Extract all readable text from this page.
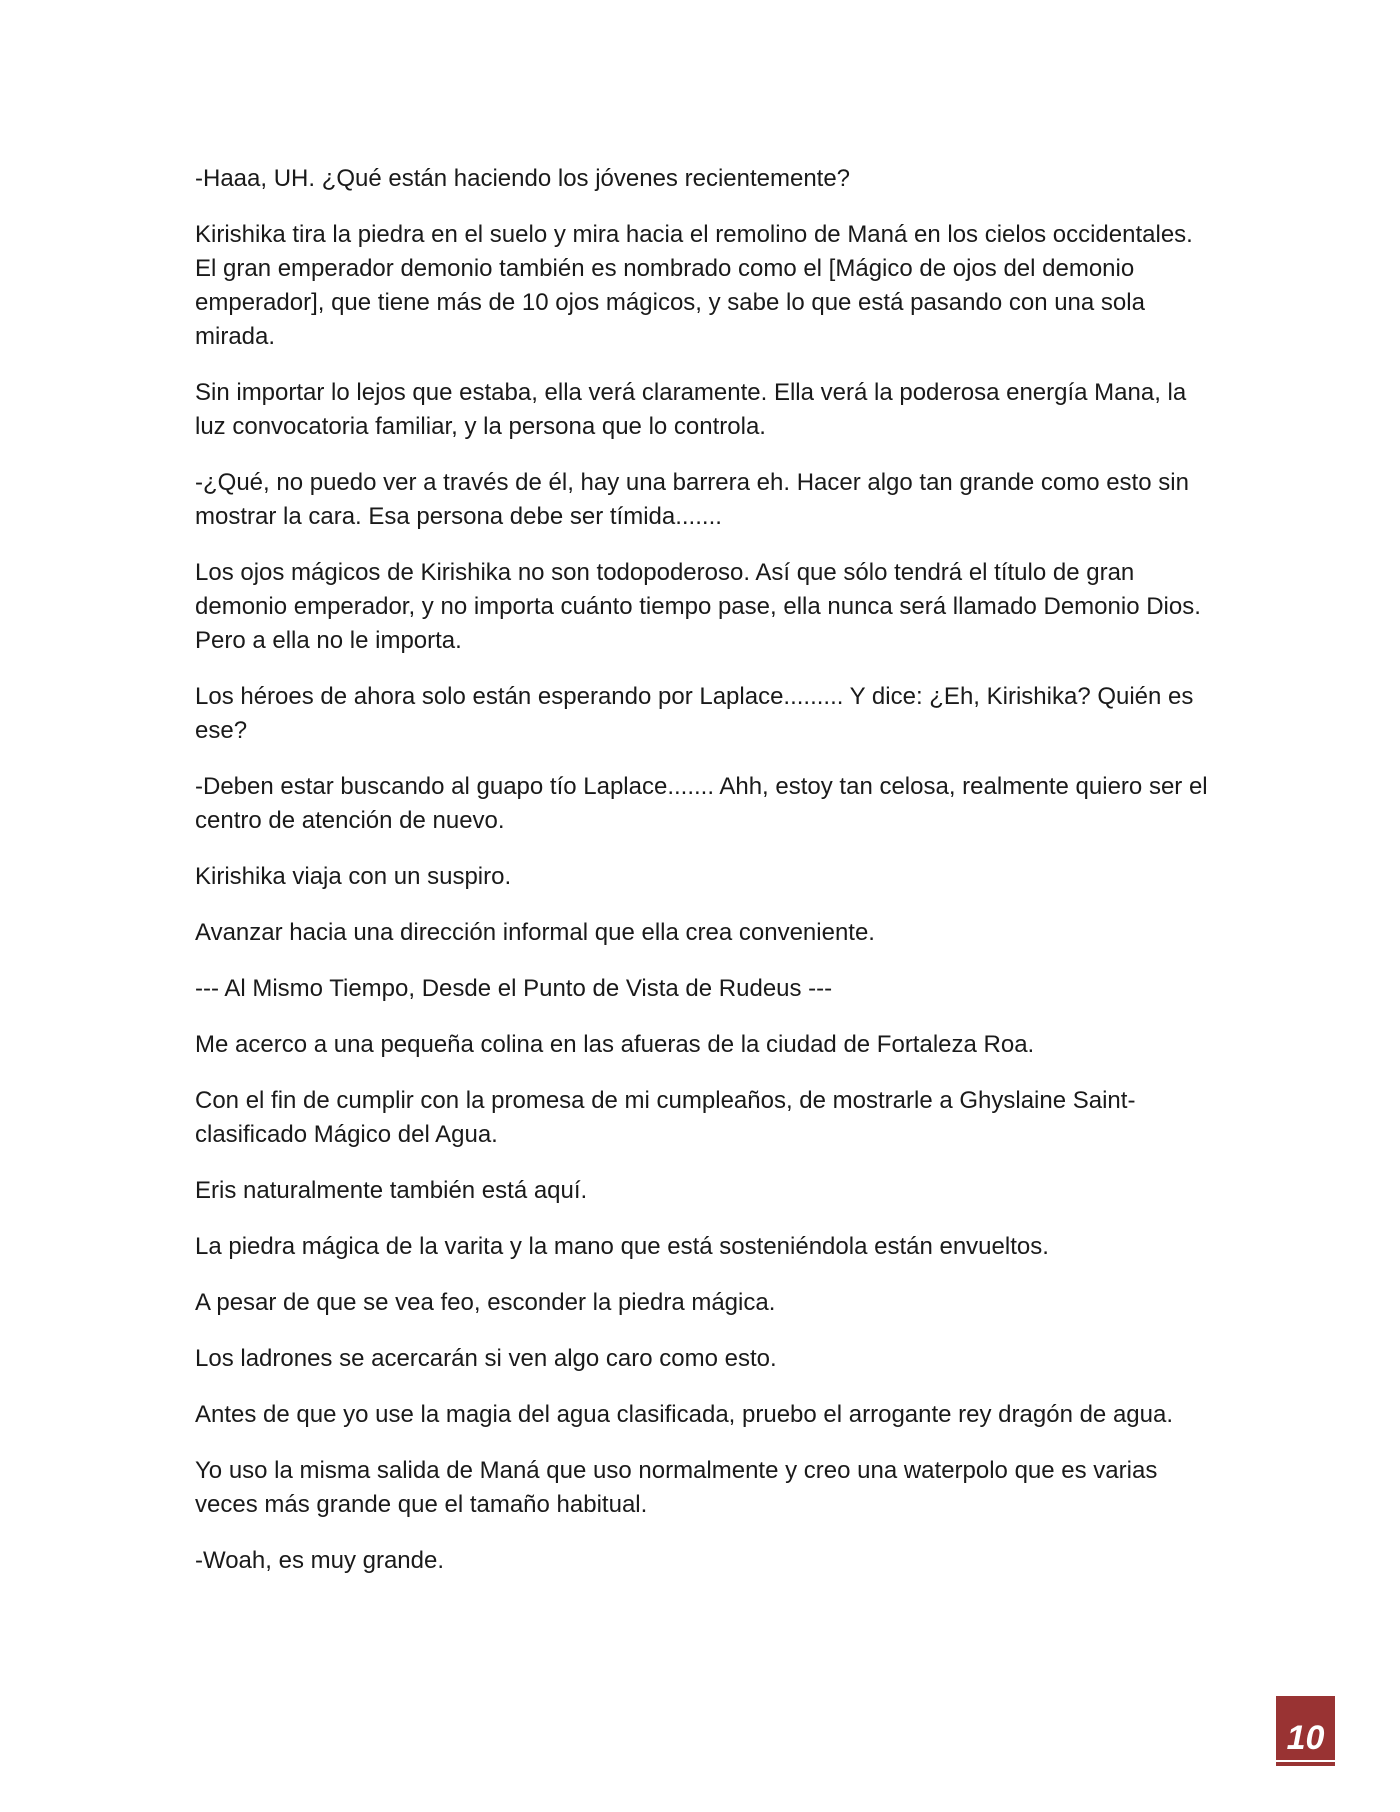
-Haaa, UH. ¿Qué están haciendo los jóvenes recientemente?

Kirishika tira la piedra en el suelo y mira hacia el remolino de Maná en los cielos occidentales. El gran emperador demonio también es nombrado como el [Mágico de ojos del demonio emperador], que tiene más de 10 ojos mágicos, y sabe lo que está pasando con una sola mirada.

Sin importar lo lejos que estaba, ella verá claramente. Ella verá la poderosa energía Mana, la luz convocatoria familiar, y la persona que lo controla.

-¿Qué, no puedo ver a través de él, hay una barrera eh. Hacer algo tan grande como esto sin mostrar la cara. Esa persona debe ser tímida.......

Los ojos mágicos de Kirishika no son todopoderoso. Así que sólo tendrá el título de gran demonio emperador, y no importa cuánto tiempo pase, ella nunca será llamado Demonio Dios. Pero a ella no le importa.

Los héroes de ahora solo están esperando por Laplace......... Y dice: ¿Eh, Kirishika? Quién es ese?

-Deben estar buscando al guapo tío Laplace....... Ahh, estoy tan celosa, realmente quiero ser el centro de atención de nuevo.

Kirishika viaja con un suspiro.

Avanzar hacia una dirección informal que ella crea conveniente.

--- Al Mismo Tiempo, Desde el Punto de Vista de Rudeus ---

Me acerco a una pequeña colina en las afueras de la ciudad de Fortaleza Roa.

Con el fin de cumplir con la promesa de mi cumpleaños, de mostrarle a Ghyslaine Saint-clasificado Mágico del Agua.

Eris naturalmente también está aquí.

La piedra mágica de la varita y la mano que está sosteniéndola están envueltos.

A pesar de que se vea feo, esconder la piedra mágica.

Los ladrones se acercarán si ven algo caro como esto.

Antes de que yo use la magia del agua clasificada, pruebo el arrogante rey dragón de agua.

Yo uso la misma salida de Maná que uso normalmente y creo una waterpolo que es varias veces más grande que el tamaño habitual.

-Woah, es muy grande.

10
